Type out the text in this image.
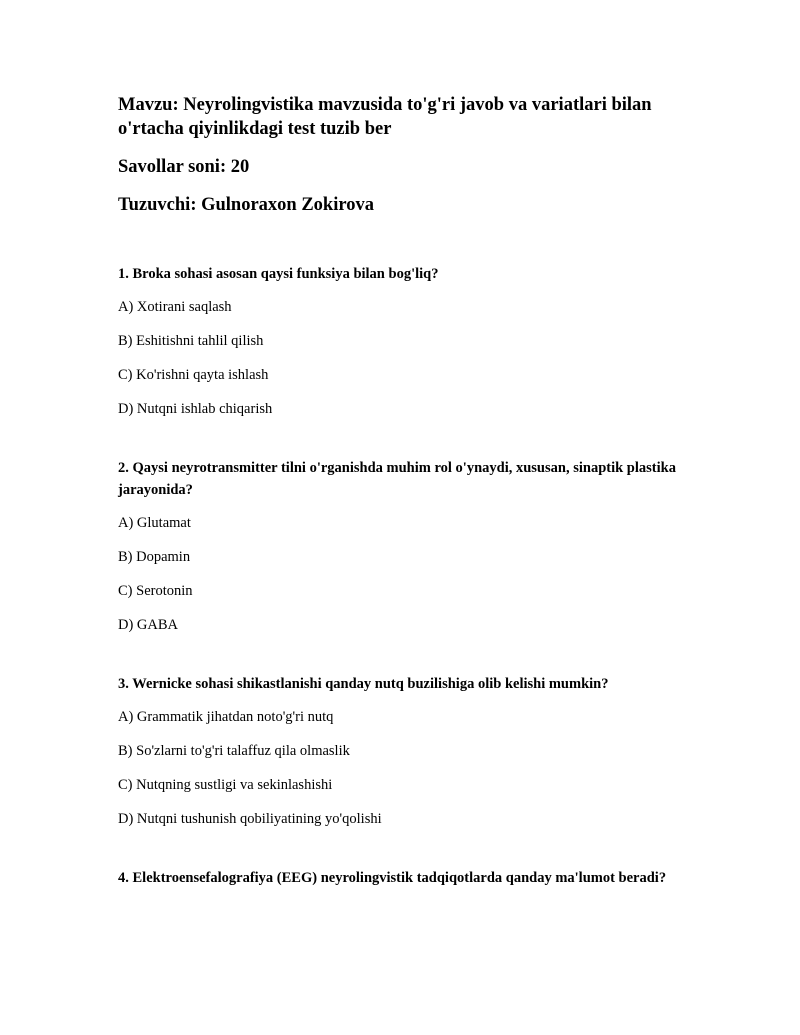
Mavzu: Neyrolingvistika mavzusida to'g'ri javob va variatlari bilan o'rtacha qiyinlikdagi test tuzib ber

Savollar soni: 20

Tuzuvchi: Gulnoraxon Zokirova

1. Broka sohasi asosan qaysi funksiya bilan bog'liq?

A) Xotirani saqlash
B) Eshitishni tahlil qilish
C) Ko'rishni qayta ishlash
D) Nutqni ishlab chiqarish

2. Qaysi neyrotransmitter tilni o'rganishda muhim rol o'ynaydi, xususan, sinaptik plastika jarayonida?

A) Glutamat
B) Dopamin
C) Serotonin
D) GABA

3. Wernicke sohasi shikastlanishi qanday nutq buzilishiga olib kelishi mumkin?

A) Grammatik jihatdan noto'g'ri nutq
B) So'zlarni to'g'ri talaffuz qila olmaslik
C) Nutqning sustligi va sekinlashishi
D) Nutqni tushunish qobiliyatining yo'qolishi

4. Elektroensefalografiya (EEG) neyrolingvistik tadqiqotlarda qanday ma'lumot beradi?
